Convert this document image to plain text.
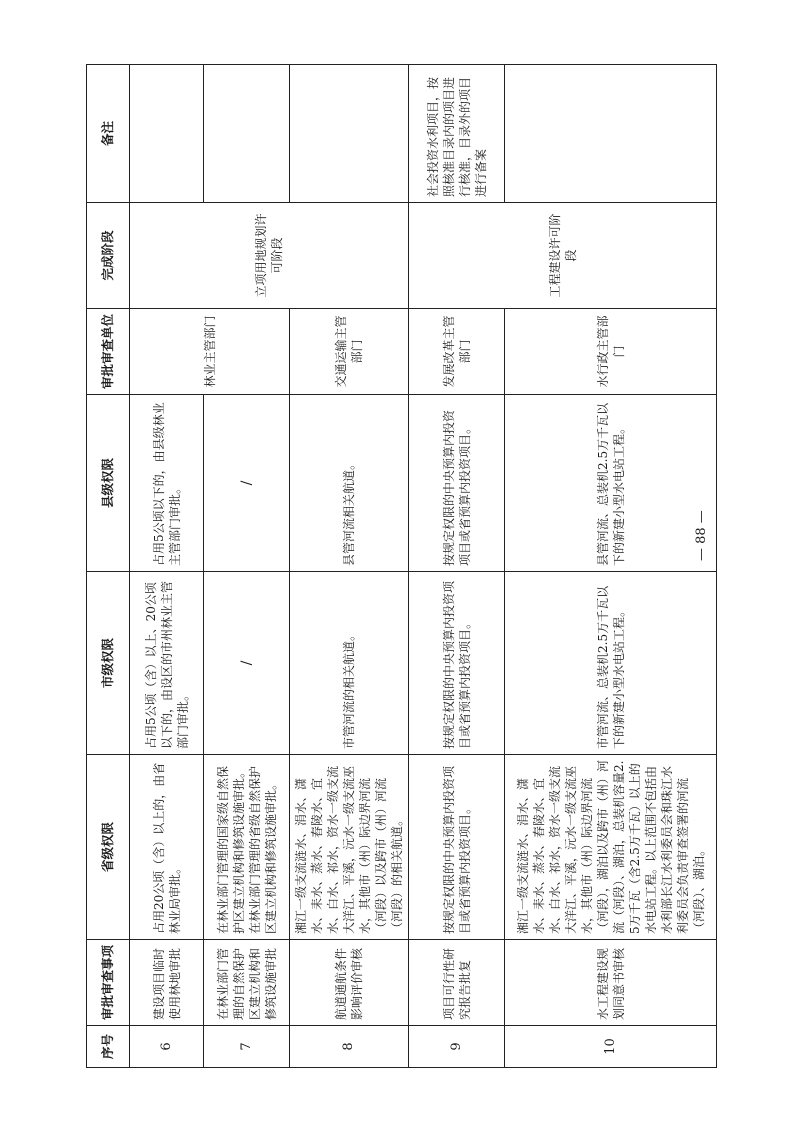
序号	审批审查事项	省级权限	市级权限	县级权限	审批审查单位	完成阶段	备注
6	建设项目临时使用林地审批	占用20公顷（含）以上的，由省林业局审批。	占用5公顷（含）以上、20公顷以下的，由设区的市州林业主管部门审批。	占用5公顷以下的，由县级林业主管部门审批。	林业主管部门	立项用地规划许可阶段	
7	在林业部门管理的自然保护区建立机构和修筑设施审批	在林业部门管理的国家级自然保护区建立机构和修筑设施审批。在林业部门管理的省级自然保护区建立机构和修筑设施审批。	/	/			

8	航道通航条件影响评价审核	湘江一级支流涟水、涓水、潇水、耒水、蒸水、舂陵水、宜水、白水、祁水，资水一级支流大洋江、平溪，沅水一级支流巫水，其他市（州）际边界河流（河段）以及跨市（州）河流（河段）的相关航道。	市管河流的相关航道。	县管河流相关航道。	交通运输主管部门		
9	项目可行性研究报告批复	按规定权限的中央预算内投资项目或省预算内投资项目。	按规定权限的中央预算内投资项目或省预算内投资项目。	按规定权限的中央预算内投资项目或省预算内投资项目。	发展改革主管部门	工程建设许可阶段	社会投资水利项目，按照核准目录内的项目进行核准，目录外的项目进行备案
10	水工程建设规划同意书审核	湘江一级支流涟水、涓水、潇水、耒水、蒸水、舂陵水、宜水、白水、祁水，资水一级支流大洋江、平溪，沅水一级支流巫水，其他市（州）际边界河流（河段），湖泊以及跨市（州）河流（河段）、湖泊，总装机容量2.5万千瓦（含2.5万千瓦）以上的水电站工程。以上范围不包括由水利部长江水利委员会和珠江水利委员会负责审查签署的河流（河段）、湖泊。	市管河流、总装机2.5万千瓦以下的新建小型水电站工程。	县管河流、总装机2.5万千瓦以下的新建小型水电站工程。	水行政主管部门		
— 88 —
